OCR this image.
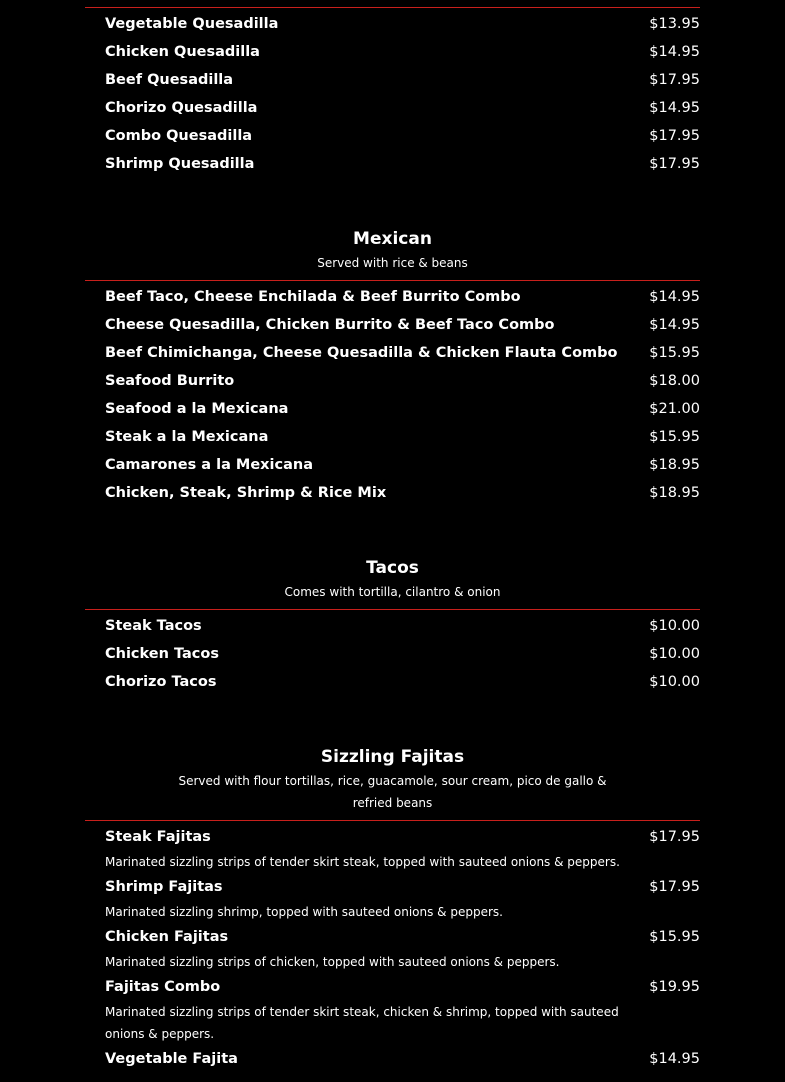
Vegetable Quesadilla	$13.95
Chicken Quesadilla	$14.95
Beef Quesadilla	$17.95
Chorizo Quesadilla	$14.95
Combo Quesadilla	$17.95
Shrimp Quesadilla	$17.95
Mexican
Served with rice & beans
Beef Taco, Cheese Enchilada & Beef Burrito Combo	$14.95
Cheese Quesadilla, Chicken Burrito & Beef Taco Combo	$14.95
Beef Chimichanga, Cheese Quesadilla & Chicken Flauta Combo $15.95
Seafood Burrito	$18.00
Seafood a la Mexicana	$21.00
Steak a la Mexicana	$15.95
Camarones a la Mexicana	$18.95
Chicken, Steak, Shrimp & Rice Mix	$18.95
Tacos
Comes with tortilla, cilantro & onion
Steak Tacos	$10.00
Chicken Tacos	$10.00
Chorizo Tacos	$10.00
Sizzling Fajitas
Served with flour tortillas, rice, guacamole, sour cream, pico de gallo & refried beans
Steak Fajitas	$17.95
Marinated sizzling strips of tender skirt steak, topped with sauteed onions & peppers.
Shrimp Fajitas	$17.95
Marinated sizzling shrimp, topped with sauteed onions & peppers.
Chicken Fajitas	$15.95
Marinated sizzling strips of chicken, topped with sauteed onions & peppers.
Fajitas Combo	$19.95
Marinated sizzling strips of tender skirt steak, chicken & shrimp, topped with sauteed onions & peppers.
Vegetable Fajita	$14.95
